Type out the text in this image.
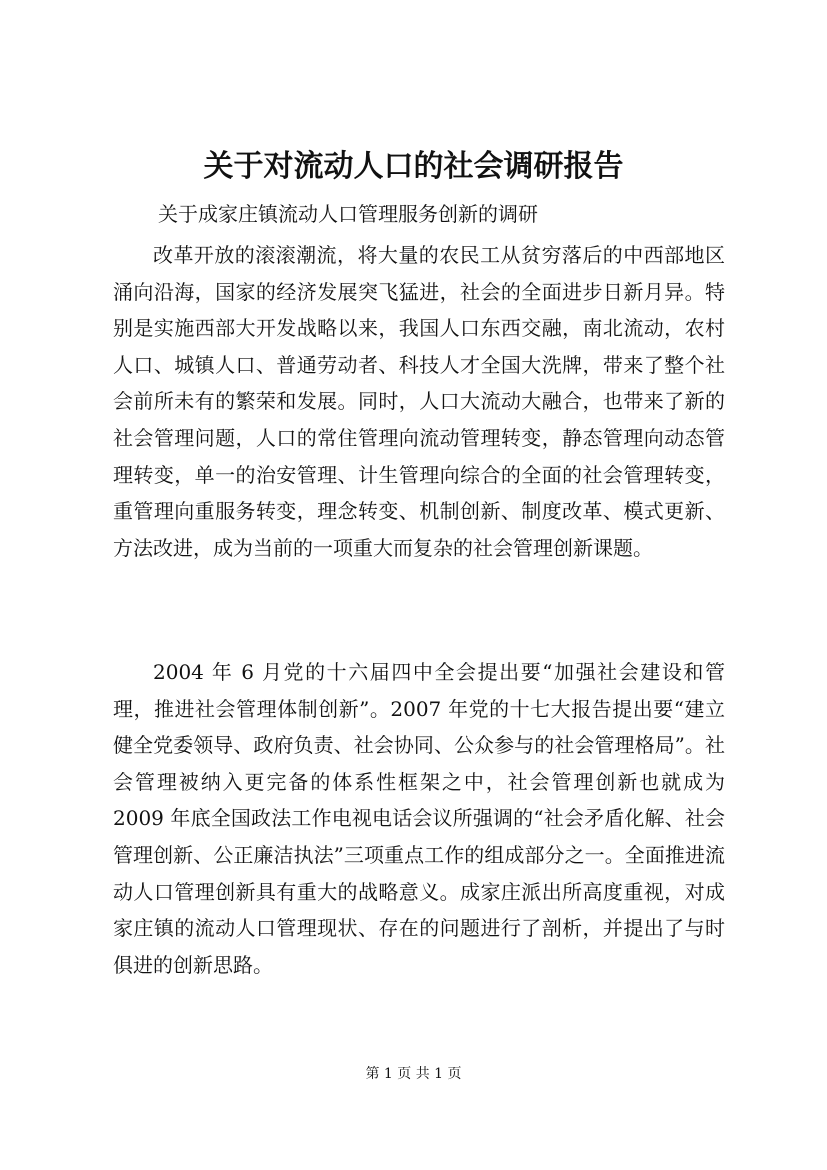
关于对流动人口的社会调研报告

关于成家庄镇流动人口管理服务创新的调研

改革开放的滚滚潮流，将大量的农民工从贫穷落后的中西部地区涌向沿海，国家的经济发展突飞猛进，社会的全面进步日新月异。特别是实施西部大开发战略以来，我国人口东西交融，南北流动，农村人口、城镇人口、普通劳动者、科技人才全国大洗牌，带来了整个社会前所未有的繁荣和发展。同时，人口大流动大融合，也带来了新的社会管理问题，人口的常住管理向流动管理转变，静态管理向动态管理转变，单一的治安管理、计生管理向综合的全面的社会管理转变，重管理向重服务转变，理念转变、机制创新、制度改革、模式更新、方法改进，成为当前的一项重大而复杂的社会管理创新课题。

2004 年 6 月党的十六届四中全会提出要“加强社会建设和管理，推进社会管理体制创新”。2007 年党的十七大报告提出要“建立健全党委领导、政府负责、社会协同、公众参与的社会管理格局”。社会管理被纳入更完备的体系性框架之中，社会管理创新也就成为 2009 年底全国政法工作电视电话会议所强调的“社会矛盾化解、社会管理创新、公正廉洁执法”三项重点工作的组成部分之一。全面推进流动人口管理创新具有重大的战略意义。成家庄派出所高度重视，对成家庄镇的流动人口管理现状、存在的问题进行了剖析，并提出了与时俱进的创新思路。

第 1 页 共 1 页
